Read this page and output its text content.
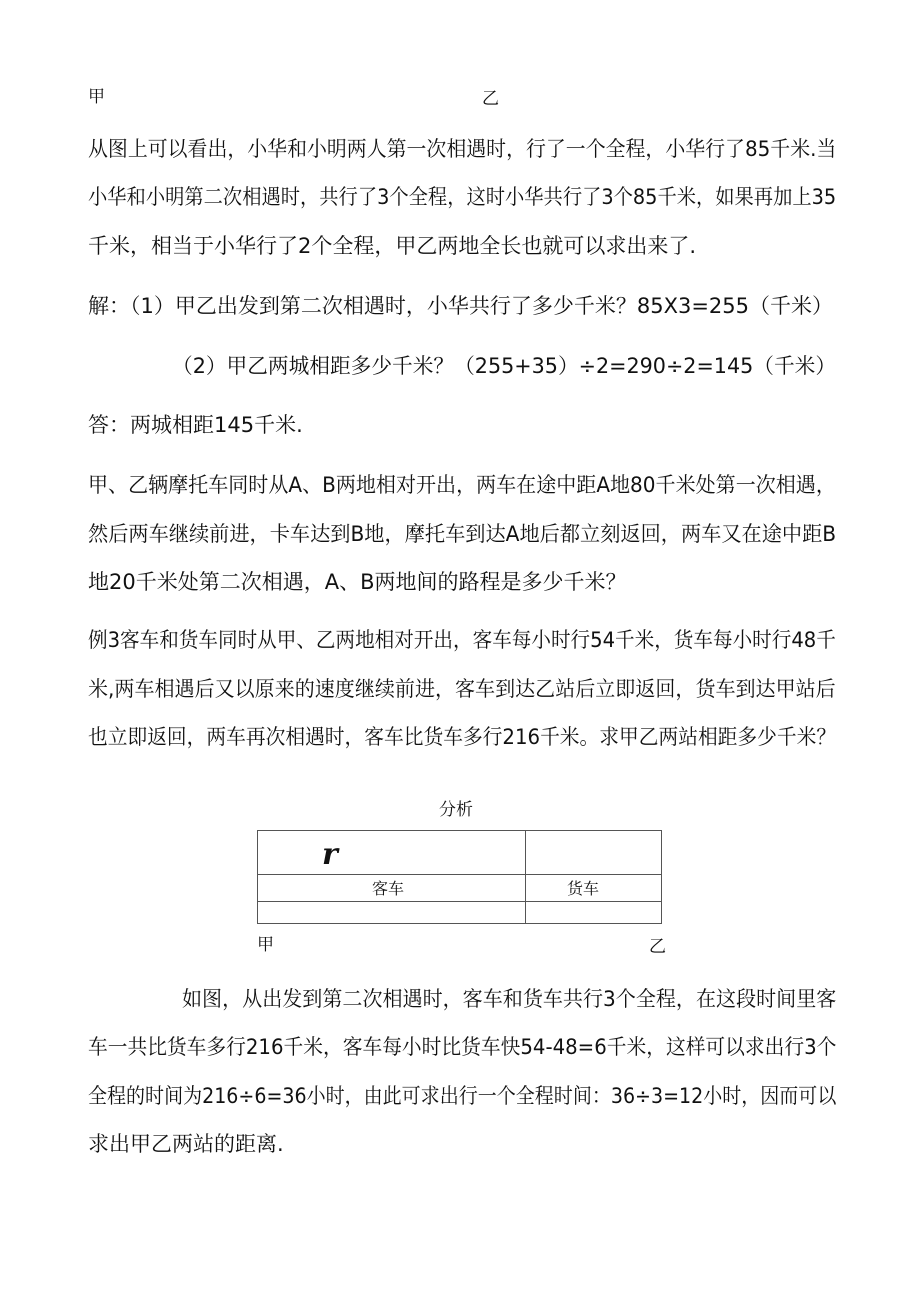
甲	乙
从图上可以看出，小华和小明两人第一次相遇时，行了一个全程，小华行了85千米.当
小华和小明第二次相遇时，共行了3个全程，这时小华共行了3个85千米，如果再加上35
千米，相当于小华行了2个全程，甲乙两地全长也就可以求出来了.
解：（1）甲乙出发到第二次相遇时，小华共行了多少千米？85X3=255（千米）
（2）甲乙两城相距多少千米？（255+35）÷2=290÷2=145（千米）
答：两城相距145千米.
甲、乙辆摩托车同时从A、B两地相对开出，两车在途中距A地80千米处第一次相遇，
然后两车继续前进，卡车达到B地，摩托车到达A地后都立刻返回，两车又在途中距B
地20千米处第二次相遇，A、B两地间的路程是多少千米？
例3客车和货车同时从甲、乙两地相对开出，客车每小时行54千米，货车每小时行48千
米,两车相遇后又以原来的速度继续前进，客车到达乙站后立即返回，货车到达甲站后
也立即返回，两车再次相遇时，客车比货车多行216千米。求甲乙两站相距多少千米？
分析
r
客车	货车
甲	乙
如图，从出发到第二次相遇时，客车和货车共行3个全程，在这段时间里客
车一共比货车多行216千米，客车每小时比货车快54-48=6千米，这样可以求出行3个
全程的时间为216÷6=36小时，由此可求出行一个全程时间：36÷3=12小时，因而可以
求出甲乙两站的距离.
